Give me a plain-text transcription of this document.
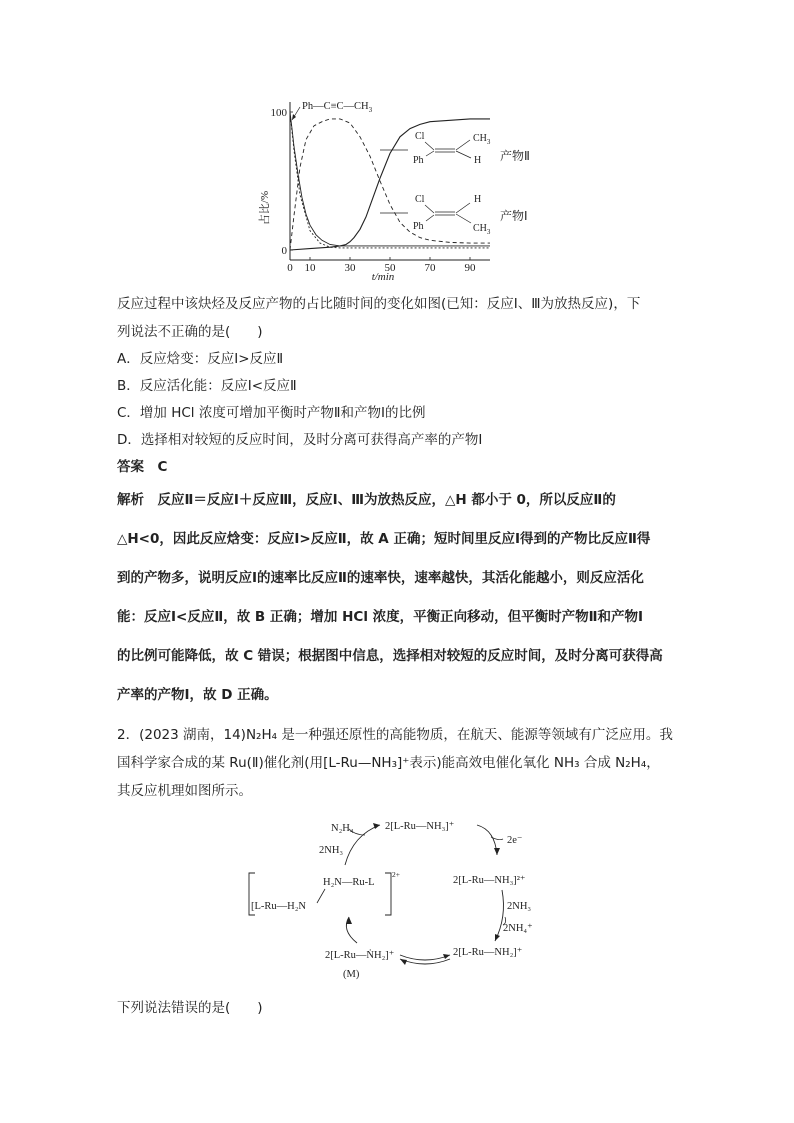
0 10	30	50	70	90
0
100
占比/%
t/min
$Ph—C\equiv C—CH_3$
Cl	$CH_3$
Ph	H 产物Ⅱ
Cl	H
Ph	$CH_3$
产物Ⅰ
反应过程中该炔烃及反应产物的占比随时间的变化如图(已知：反应Ⅰ、Ⅲ为放热反应)，下
列说法不正确的是(　　)
A．反应焓变：反应Ⅰ>反应Ⅱ
B．反应活化能：反应Ⅰ<反应Ⅱ
C．增加 HCl 浓度可增加平衡时产物Ⅱ和产物Ⅰ的比例
D．选择相对较短的反应时间，及时分离可获得高产率的产物Ⅰ
答案　C
解析　反应Ⅱ＝反应Ⅰ＋反应Ⅲ，反应Ⅰ、Ⅲ为放热反应，△H 都小于 0，所以反应Ⅱ的
△H<0，因此反应焓变：反应Ⅰ>反应Ⅱ，故 A 正确；短时间里反应Ⅰ得到的产物比反应Ⅱ得
到的产物多，说明反应Ⅰ的速率比反应Ⅱ的速率快，速率越快，其活化能越小，则反应活化
能：反应Ⅰ<反应Ⅱ，故 B 正确；增加 HCl 浓度，平衡正向移动，但平衡时产物Ⅱ和产物Ⅰ
的比例可能降低，故 C 错误；根据图中信息，选择相对较短的反应时间，及时分离可获得高
产率的产物Ⅰ，故 D 正确。
2．(2023 湖南，14)N₂H₄ 是一种强还原性的高能物质，在航天、能源等领域有广泛应用。我
国科学家合成的某 Ru(Ⅱ)催化剂(用[L-Ru—NH₃]⁺表示)能高效电催化氧化 NH₃ 合成 N₂H₄，
其反应机理如图所示。
2[L-Ru—NH₃]⁺
N₂H₄
2NH₃
2e⁻
2[L-Ru—NH₃]²⁺
2NH₃
2NH₄⁺
2[L-Ru—NH₂]⁺
2[L-Ru—ṄH₂]⁺
(M)
H₂N—Ru-L
[L-Ru—H₂N
2+
下列说法错误的是(　　)
